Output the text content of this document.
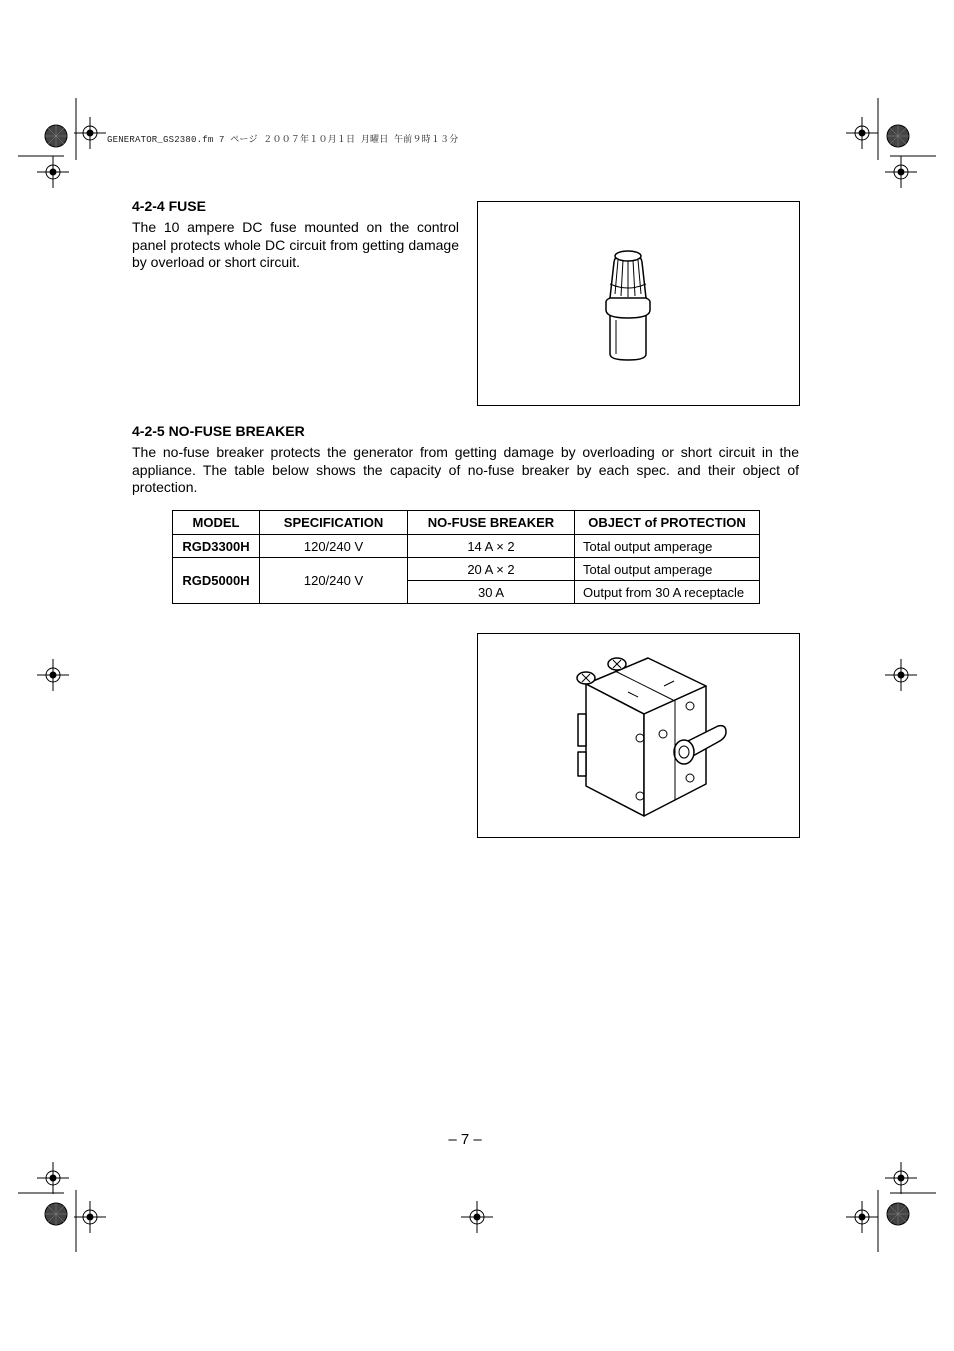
GENERATOR_GS2380.fm 7 ページ ２００７年１０月１日 月曜日 午前９時１３分
4-2-4 FUSE
The 10 ampere DC fuse mounted on the control panel protects whole DC circuit from getting damage by overload or short circuit.
4-2-5 NO-FUSE BREAKER
The no-fuse breaker protects the generator from getting damage by overloading or short circuit in the appliance. The table below shows the capacity of no-fuse breaker by each spec. and their object of protection.
MODEL	SPECIFICATION	NO-FUSE BREAKER	OBJECT of PROTECTION
RGD3300H	120/240 V	14 A × 2	Total output amperage
RGD5000H	120/240 V	20 A × 2	Total output amperage
		30 A	Output from 30 A receptacle
– 7 –
